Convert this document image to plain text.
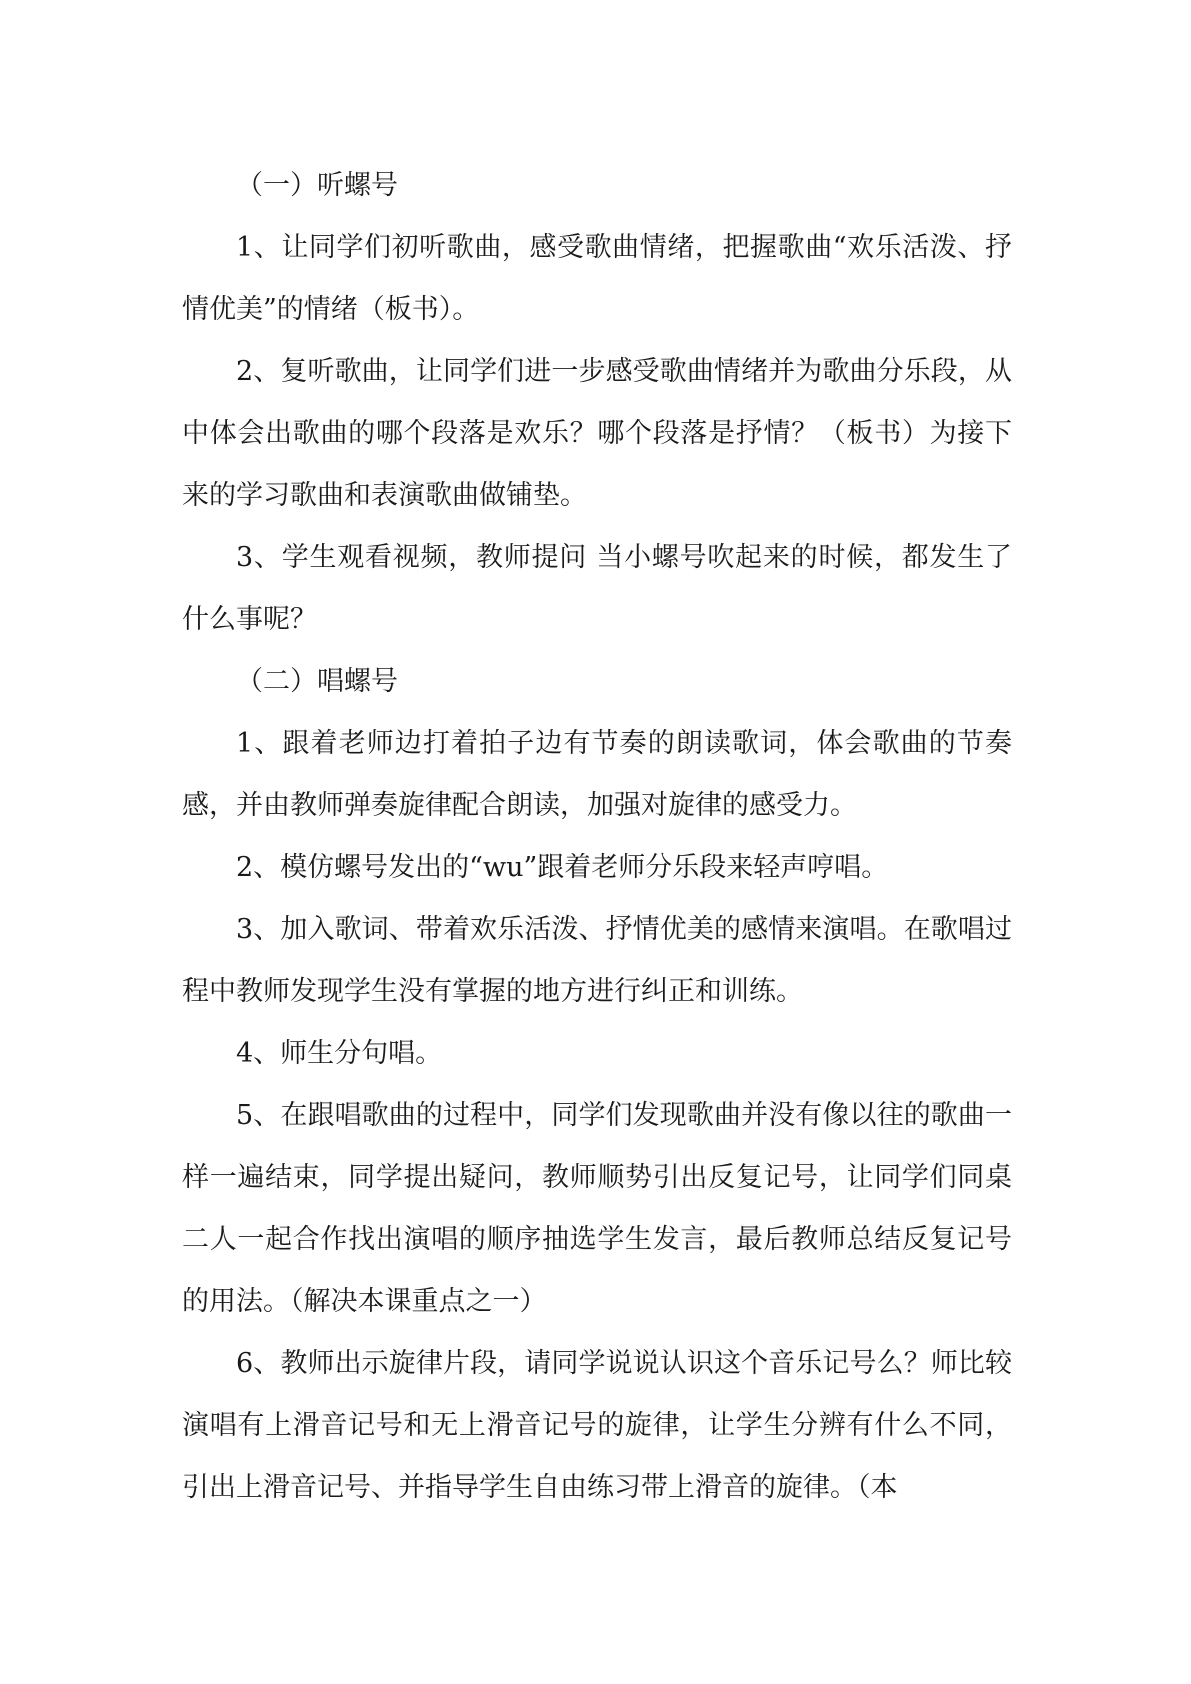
（一）听螺号

1、让同学们初听歌曲，感受歌曲情绪，把握歌曲“欢乐活泼、抒情优美”的情绪（板书）。

2、复听歌曲，让同学们进一步感受歌曲情绪并为歌曲分乐段，从中体会出歌曲的哪个段落是欢乐？哪个段落是抒情？（板书）为接下来的学习歌曲和表演歌曲做铺垫。

3、学生观看视频，教师提问 当小螺号吹起来的时候，都发生了什么事呢？

（二）唱螺号

1、跟着老师边打着拍子边有节奏的朗读歌词，体会歌曲的节奏感，并由教师弹奏旋律配合朗读，加强对旋律的感受力。

2、模仿螺号发出的“wu”跟着老师分乐段来轻声哼唱。

3、加入歌词、带着欢乐活泼、抒情优美的感情来演唱。在歌唱过程中教师发现学生没有掌握的地方进行纠正和训练。

4、师生分句唱。

5、在跟唱歌曲的过程中，同学们发现歌曲并没有像以往的歌曲一样一遍结束，同学提出疑问，教师顺势引出反复记号，让同学们同桌二人一起合作找出演唱的顺序抽选学生发言，最后教师总结反复记号的用法。（解决本课重点之一）

6、教师出示旋律片段，请同学说说认识这个音乐记号么？师比较演唱有上滑音记号和无上滑音记号的旋律，让学生分辨有什么不同，引出上滑音记号、并指导学生自由练习带上滑音的旋律。（本
